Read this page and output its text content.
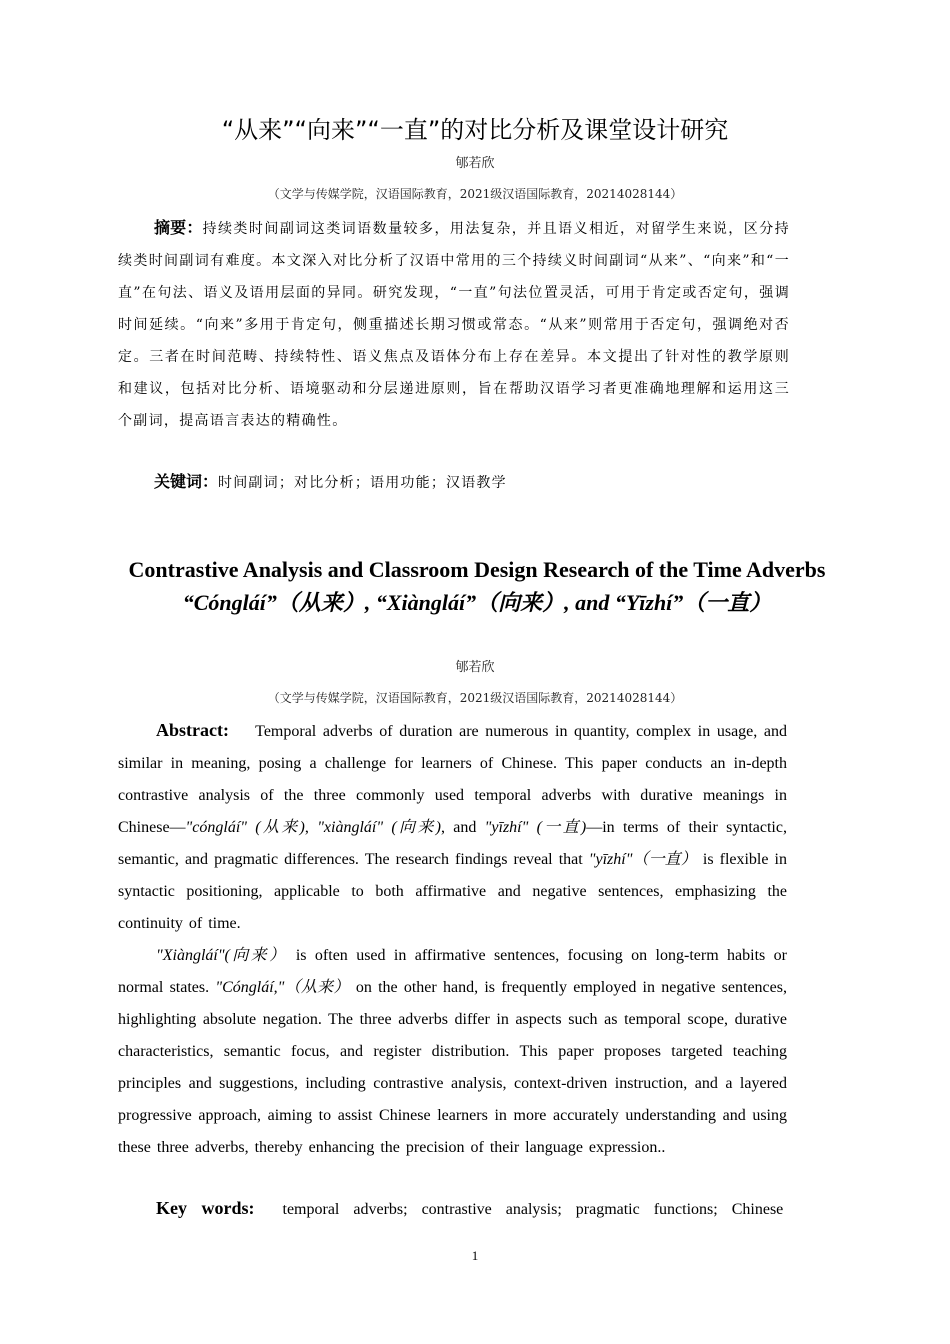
“从来”“向来”“一直”的对比分析及课堂设计研究
郇若欣
（文学与传媒学院，汉语国际教育，2021级汉语国际教育，20214028144）
摘要：持续类时间副词这类词语数量较多，用法复杂，并且语义相近，对留学生来说，区分持续类时间副词有难度。本文深入对比分析了汉语中常用的三个持续义时间副词“从来”、“向来”和“一直”在句法、语义及语用层面的异同。研究发现，“一直”句法位置灵活，可用于肯定或否定句，强调时间延续。“向来”多用于肯定句，侧重描述长期习惯或常态。“从来”则常用于否定句，强调绝对否定。三者在时间范畴、持续特性、语义焦点及语体分布上存在差异。本文提出了针对性的教学原则和建议，包括对比分析、语境驱动和分层递进原则，旨在帮助汉语学习者更准确地理解和运用这三个副词，提高语言表达的精确性。
关键词：时间副词；对比分析；语用功能；汉语教学
Contrastive Analysis and Classroom Design Research of the Time Adverbs “Cóngláí”（从来）, “Xiàngláí”（向来）, and “Yīzhí”（一直）
郇若欣
（文学与传媒学院，汉语国际教育，2021级汉语国际教育，20214028144）

Abstract: Temporal adverbs of duration are numerous in quantity, complex in usage, and similar in meaning, posing a challenge for learners of Chinese. This paper conducts an in-depth contrastive analysis of the three commonly used temporal adverbs with durative meanings in Chinese—"cóngláí" (从来), "xiàngláí" (向来), and "yīzhí" (一直)—in terms of their syntactic, semantic, and pragmatic differences. The research findings reveal that "yīzhí"（一直） is flexible in syntactic positioning, applicable to both affirmative and negative sentences, emphasizing the continuity of time.

"Xiàngláí"(向来） is often used in affirmative sentences, focusing on long-term habits or normal states. "Cóngláí,"（从来） on the other hand, is frequently employed in negative sentences, highlighting absolute negation. The three adverbs differ in aspects such as temporal scope, durative characteristics, semantic focus, and register distribution. This paper proposes targeted teaching principles and suggestions, including contrastive analysis, context-driven instruction, and a layered progressive approach, aiming to assist Chinese learners in more accurately understanding and using these three adverbs, thereby enhancing the precision of their language expression..

Key words: temporal adverbs; contrastive analysis; pragmatic functions; Chinese
1
